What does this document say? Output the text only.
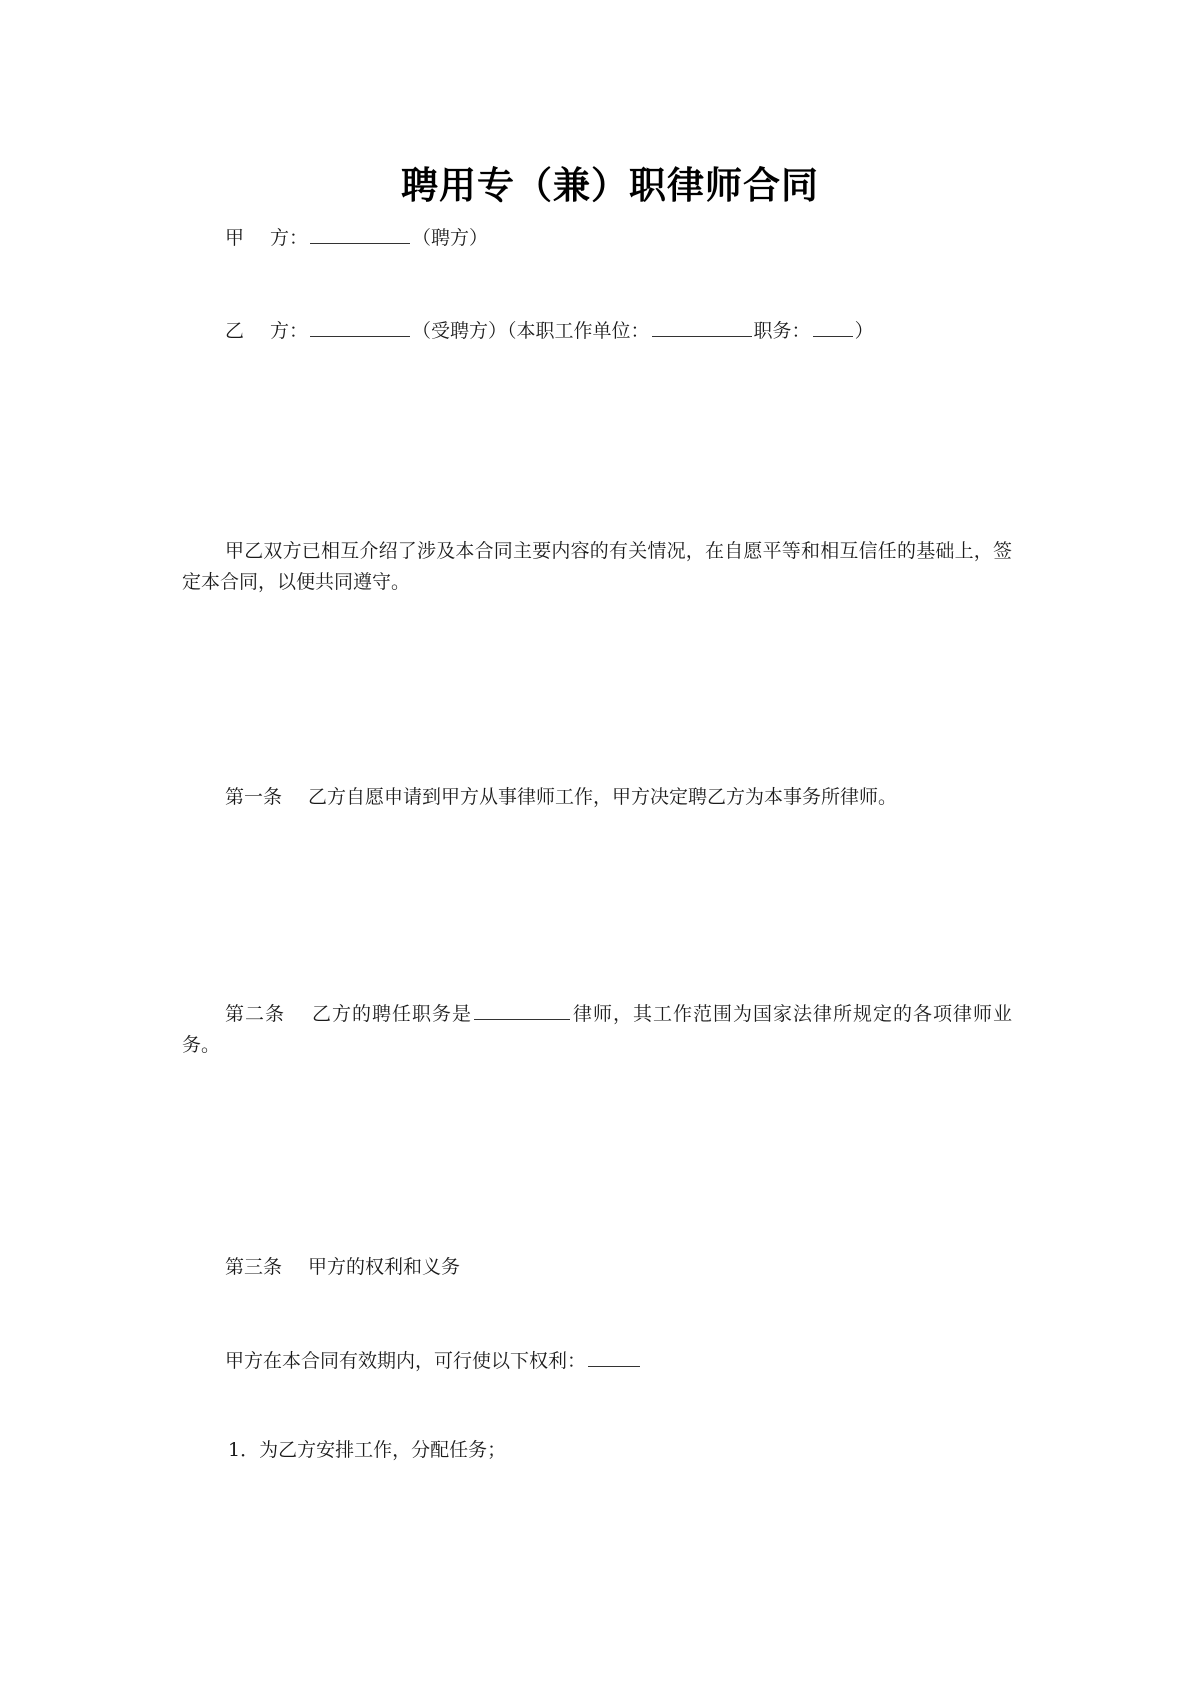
聘用专（兼）职律师合同
甲 方：	（聘方）
乙 方：	（受聘方）（本职工作单位：	职务： ）
甲乙双方已相互介绍了涉及本合同主要内容的有关情况，在自愿平等和相互信任的基础上，签定本合同，以便共同遵守。
第一条 乙方自愿申请到甲方从事律师工作，甲方决定聘乙方为本事务所律师。
第二条 乙方的聘任职务是	律师，其工作范围为国家法律所规定的各项律师业务。
第三条 甲方的权利和义务
甲方在本合同有效期内，可行使以下权利：
1．为乙方安排工作，分配任务；
